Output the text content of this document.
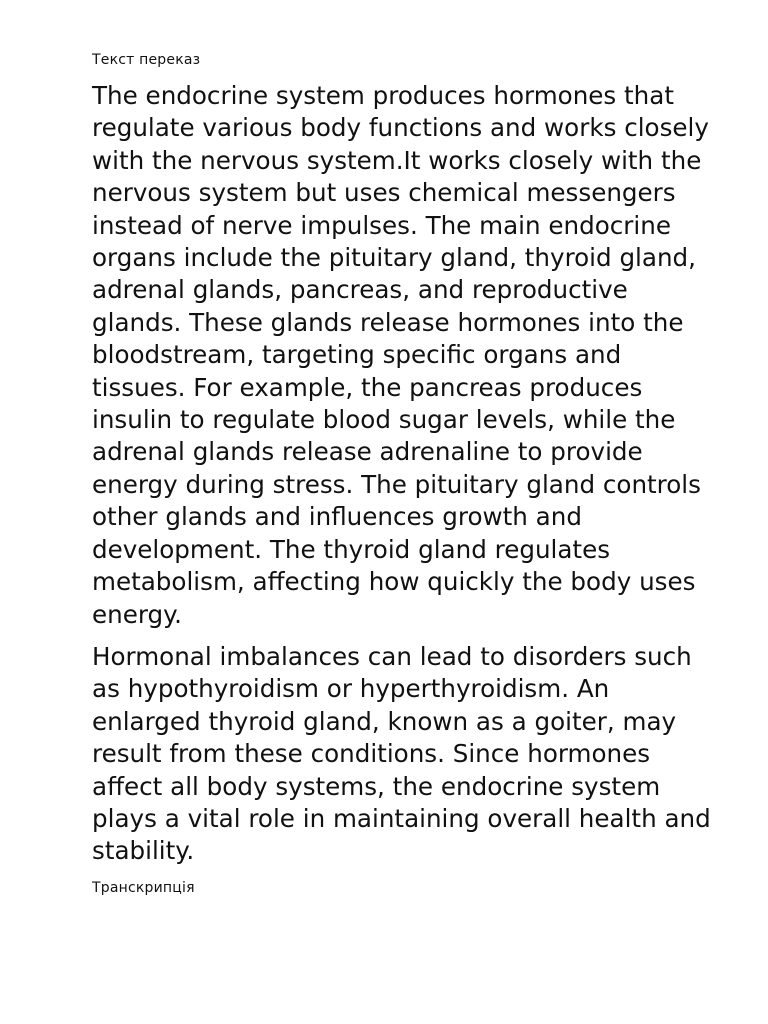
Текст переказ

The endocrine system produces hormones that regulate various body functions and works closely with the nervous system.It works closely with the nervous system but uses chemical messengers instead of nerve impulses. The main endocrine organs include the pituitary gland, thyroid gland, adrenal glands, pancreas, and reproductive glands. These glands release hormones into the bloodstream, targeting specific organs and tissues. For example, the pancreas produces insulin to regulate blood sugar levels, while the adrenal glands release adrenaline to provide energy during stress. The pituitary gland controls other glands and influences growth and development. The thyroid gland regulates metabolism, affecting how quickly the body uses energy.

Hormonal imbalances can lead to disorders such as hypothyroidism or hyperthyroidism. An enlarged thyroid gland, known as a goiter, may result from these conditions. Since hormones affect all body systems, the endocrine system plays a vital role in maintaining overall health and stability.

Транскрипція
